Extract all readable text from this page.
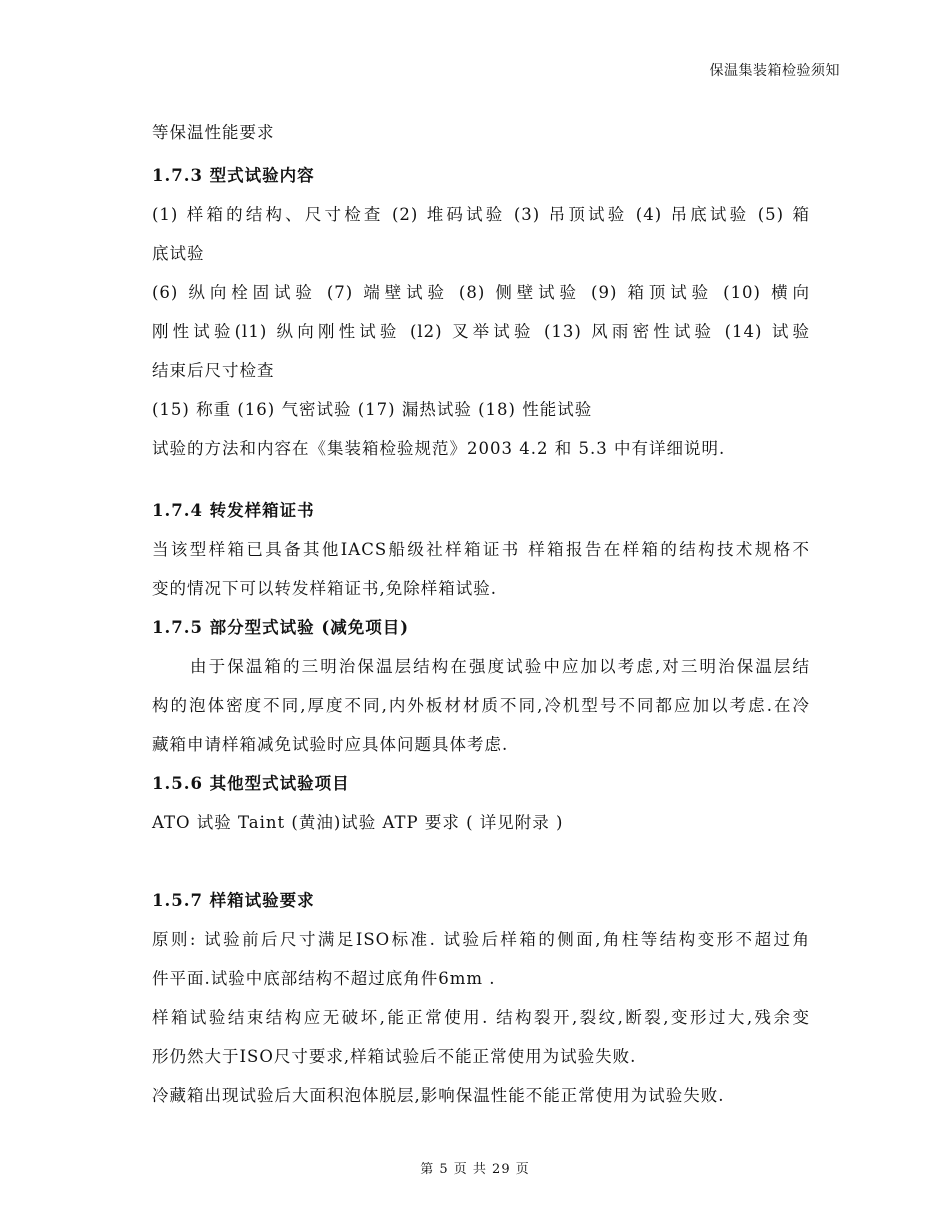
保温集装箱检验须知
等保温性能要求
1.7.3 型式试验内容
(1) 样箱的结构、尺寸检查 (2) 堆码试验 (3) 吊顶试验 (4) 吊底试验 (5) 箱
底试验
(6) 纵向栓固试验 (7) 端壁试验 (8) 侧壁试验 (9) 箱顶试验 (10) 横向
刚性试验(l1) 纵向刚性试验 (l2) 叉举试验 (13) 风雨密性试验 (14) 试验
结束后尺寸检查
(15) 称重 (16) 气密试验 (17) 漏热试验 (18) 性能试验
试验的方法和内容在《集装箱检验规范》2003 4.2 和 5.3 中有详细说明.
1.7.4 转发样箱证书
当该型样箱已具备其他IACS船级社样箱证书 样箱报告在样箱的结构技术规格不
变的情况下可以转发样箱证书,免除样箱试验.
1.7.5 部分型式试验 (减免项目)
由于保温箱的三明治保温层结构在强度试验中应加以考虑,对三明治保温层结
构的泡体密度不同,厚度不同,内外板材材质不同,冷机型号不同都应加以考虑.在冷
藏箱申请样箱减免试验时应具体问题具体考虑.
1.5.6 其他型式试验项目
ATO 试验 Taint (黄油)试验 ATP 要求 ( 详见附录 )
1.5.7 样箱试验要求
原则: 试验前后尺寸满足ISO标准. 试验后样箱的侧面,角柱等结构变形不超过角
件平面.试验中底部结构不超过底角件6mm .
样箱试验结束结构应无破坏,能正常使用. 结构裂开,裂纹,断裂,变形过大,残余变
形仍然大于ISO尺寸要求,样箱试验后不能正常使用为试验失败.
冷藏箱出现试验后大面积泡体脱层,影响保温性能不能正常使用为试验失败.
第 5 页 共 29 页
